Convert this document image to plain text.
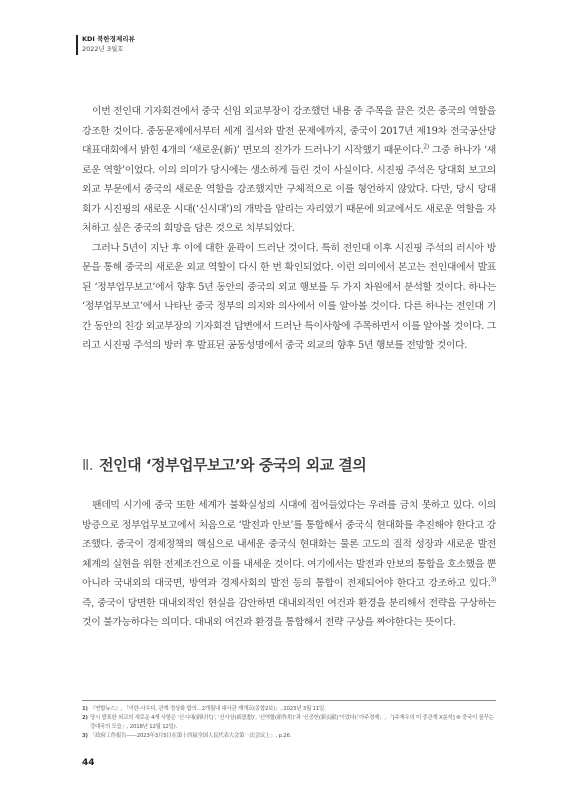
KDI 북한경제리뷰
2022년 3월호

이번 전인대 기자회견에서 중국 신임 외교부장이 강조했던 내용 중 주목을 끌은 것은 중국의 역할을 강조한 것이다. 중동문제에서부터 세계 질서와 발전 문제에까지, 중국이 2017년 제19차 전국공산당대표대회에서 밝힌 4개의 ‘새로운(新)’ 면모의 진가가 드러나기 시작했기 때문이다.$^{2)}$ 그중 하나가 ‘새로운 역할’이었다. 이의 의미가 당시에는 생소하게 들린 것이 사실이다. 시진핑 주석은 당대회 보고의 외교 부문에서 중국의 새로운 역할을 강조했지만 구체적으로 이를 형언하지 않았다. 다만, 당시 당대회가 시진핑의 새로운 시대(‘신시대’)의 개막을 알리는 자리였기 때문에 외교에서도 새로운 역할을 자처하고 싶은 중국의 희망을 담은 것으로 치부되었다.

그러나 5년이 지난 후 이에 대한 윤곽이 드러난 것이다. 특히 전인대 이후 시진핑 주석의 러시아 방문을 통해 중국의 새로운 외교 역할이 다시 한 번 확인되었다. 이런 의미에서 본고는 전인대에서 발표된 ‘정부업무보고’에서 향후 5년 동안의 중국의 외교 행보를 두 가지 차원에서 분석할 것이다. 하나는 ‘정부업무보고’에서 나타난 중국 정부의 의지와 의사에서 이를 알아볼 것이다. 다른 하나는 전인대 기간 동안의 친강 외교부장의 기자회견 답변에서 드러난 특이사항에 주목하면서 이를 알아볼 것이다. 그리고 시진핑 주석의 방러 후 발표된 공동성명에서 중국 외교의 향후 5년 행보를 전망할 것이다.

Ⅱ. 전인대 ‘정부업무보고’와 중국의 외교 결의

팬데믹 시기에 중국 또한 세계가 불확실성의 시대에 접어들었다는 우려를 금치 못하고 있다. 이의 방증으로 정부업무보고에서 처음으로 ‘발전과 안보’를 통합해서 중국식 현대화를 추진해야 한다고 강조했다. 중국이 경제정책의 핵심으로 내세운 중국식 현대화는 물론 고도의 질적 성장과 새로운 발전 체계의 실현을 위한 전제조건으로 이를 내세운 것이다. 여기에서는 발전과 안보의 통합을 호소했을 뿐 아니라 국내외의 대국면, 방역과 경제사회의 발전 등의 통합이 전제되어야 한다고 강조하고 있다.$^{3)}$ 즉, 중국이 당면한 대내외적인 현실을 감안하면 대내외적인 여건과 환경을 분리해서 전략을 구상하는 것이 불가능하다는 의미다. 대내외 여건과 환경을 통합해서 전략 구상을 짜야한다는 뜻이다.

1) 『연합뉴스』, 「이란-사우디, 관계 정상화 합의…2개월내 대사관 재개교(종합2보)」, 2023년 3월 11일.
2) 당시 발표한 외교의 새로운 4개 사항은 ‘신시대(新时代)’, ‘신사상(新思想)’, ‘신역할(新作用)’과 ‘신공헌(新贡献)’이었다(「아주경제」, 「[주재우의 미 중관계 X분석] ⑥ 중국이 꿈꾸는 강대국의 모습」, 2018년 12월 12일).
3) 「政府工作报告——2023年3月5日在第十四届全国人民代表大会第一次会议上」, p.26.
44
